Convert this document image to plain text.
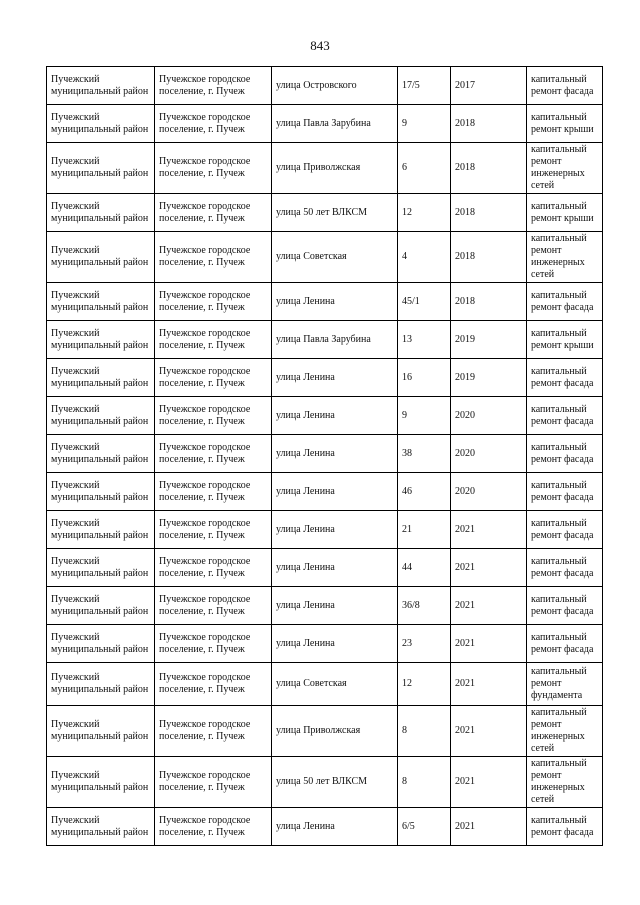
843
Пучежский муниципальный район	Пучежское городское поселение, г. Пучеж	улица Островского	17/5	2017	капитальный ремонт фасада
Пучежский муниципальный район	Пучежское городское поселение, г. Пучеж	улица Павла Зарубина	9	2018	капитальный ремонт крыши
Пучежский муниципальный район	Пучежское городское поселение, г. Пучеж	улица Приволжская	6	2018	капитальный ремонт инженерных сетей
Пучежский муниципальный район	Пучежское городское поселение, г. Пучеж	улица 50 лет ВЛКСМ	12	2018	капитальный ремонт крыши
Пучежский муниципальный район	Пучежское городское поселение, г. Пучеж	улица Советская	4	2018	капитальный ремонт инженерных сетей
Пучежский муниципальный район	Пучежское городское поселение, г. Пучеж	улица Ленина	45/1	2018	капитальный ремонт фасада
Пучежский муниципальный район	Пучежское городское поселение, г. Пучеж	улица Павла Зарубина	13	2019	капитальный ремонт крыши
Пучежский муниципальный район	Пучежское городское поселение, г. Пучеж	улица Ленина	16	2019	капитальный ремонт фасада
Пучежский муниципальный район	Пучежское городское поселение, г. Пучеж	улица Ленина	9	2020	капитальный ремонт фасада
Пучежский муниципальный район	Пучежское городское поселение, г. Пучеж	улица Ленина	38	2020	капитальный ремонт фасада
Пучежский муниципальный район	Пучежское городское поселение, г. Пучеж	улица Ленина	46	2020	капитальный ремонт фасада
Пучежский муниципальный район	Пучежское городское поселение, г. Пучеж	улица Ленина	21	2021	капитальный ремонт фасада
Пучежский муниципальный район	Пучежское городское поселение, г. Пучеж	улица Ленина	44	2021	капитальный ремонт фасада
Пучежский муниципальный район	Пучежское городское поселение, г. Пучеж	улица Ленина	36/8	2021	капитальный ремонт фасада
Пучежский муниципальный район	Пучежское городское поселение, г. Пучеж	улица Ленина	23	2021	капитальный ремонт фасада
Пучежский муниципальный район	Пучежское городское поселение, г. Пучеж	улица Советская	12	2021	капитальный ремонт фундамента
Пучежский муниципальный район	Пучежское городское поселение, г. Пучеж	улица Приволжская	8	2021	капитальный ремонт инженерных сетей
Пучежский муниципальный район	Пучежское городское поселение, г. Пучеж	улица 50 лет ВЛКСМ	8	2021	капитальный ремонт инженерных сетей
Пучежский муниципальный район	Пучежское городское поселение, г. Пучеж	улица Ленина	6/5	2021	капитальный ремонт фасада
